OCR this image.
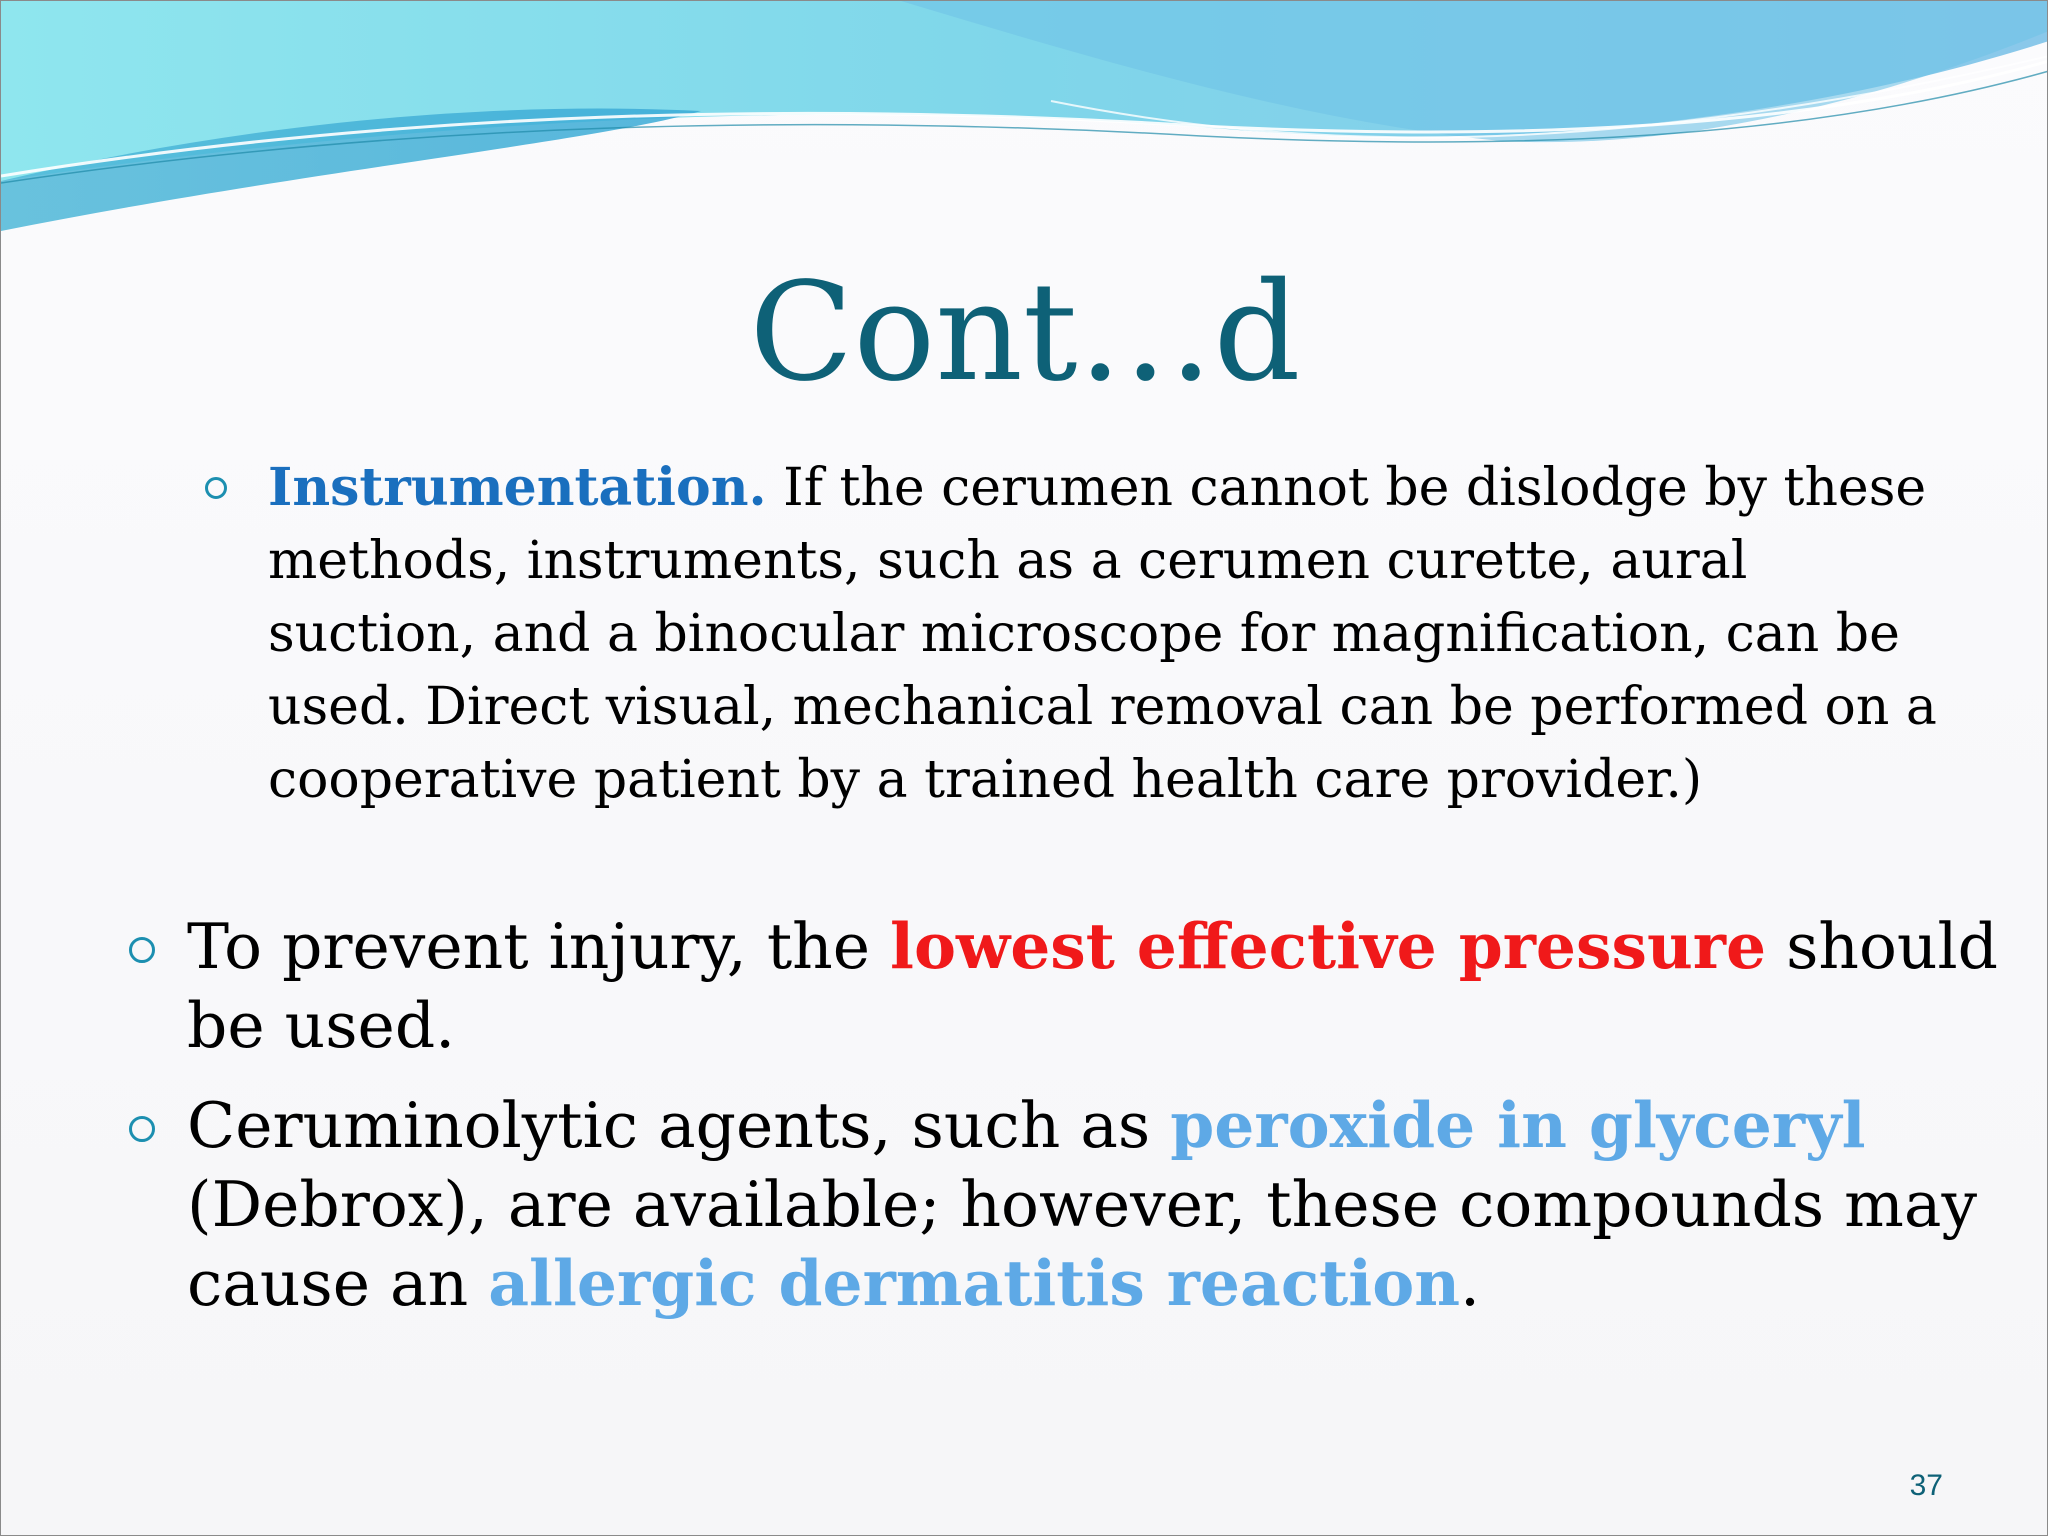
Cont…d
Instrumentation. If the cerumen cannot be dislodge by these methods, instruments, such as a cerumen curette, aural suction, and a binocular microscope for magnification, can be used. Direct visual, mechanical removal can be performed on a cooperative patient by a trained health care provider.)
To prevent injury, the lowest effective pressure should be used.
Ceruminolytic agents, such as peroxide in glyceryl (Debrox), are available; however, these compounds may cause an allergic dermatitis reaction.
37
